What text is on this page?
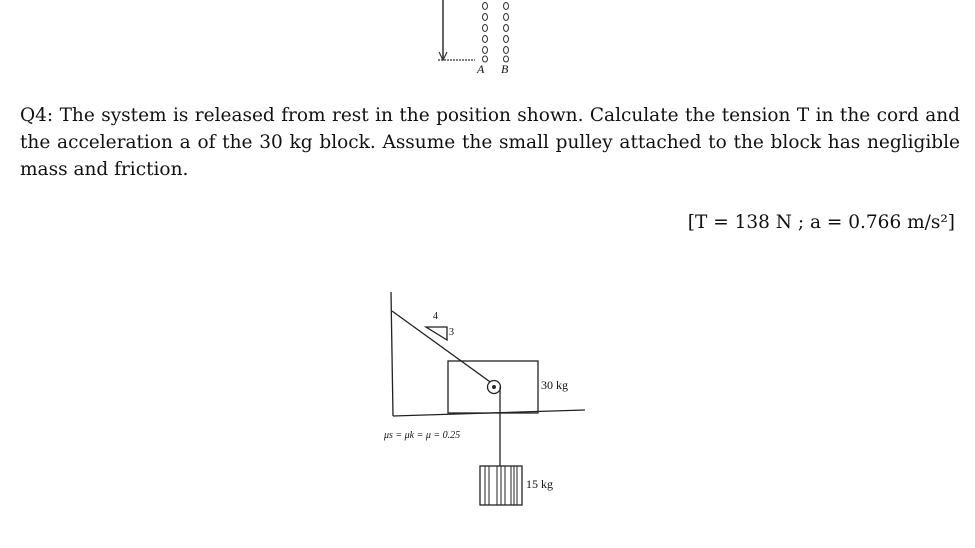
A B
4
3
30 kg
15 kg
μs = μk = μ = 0.25
Q4: The system is released from rest in the position shown. Calculate the tension T in the cord and the acceleration a of the 30 kg block. Assume the small pulley attached to the block has negligible mass and friction.
[T = 138 N ; a = 0.766 m/s²]
